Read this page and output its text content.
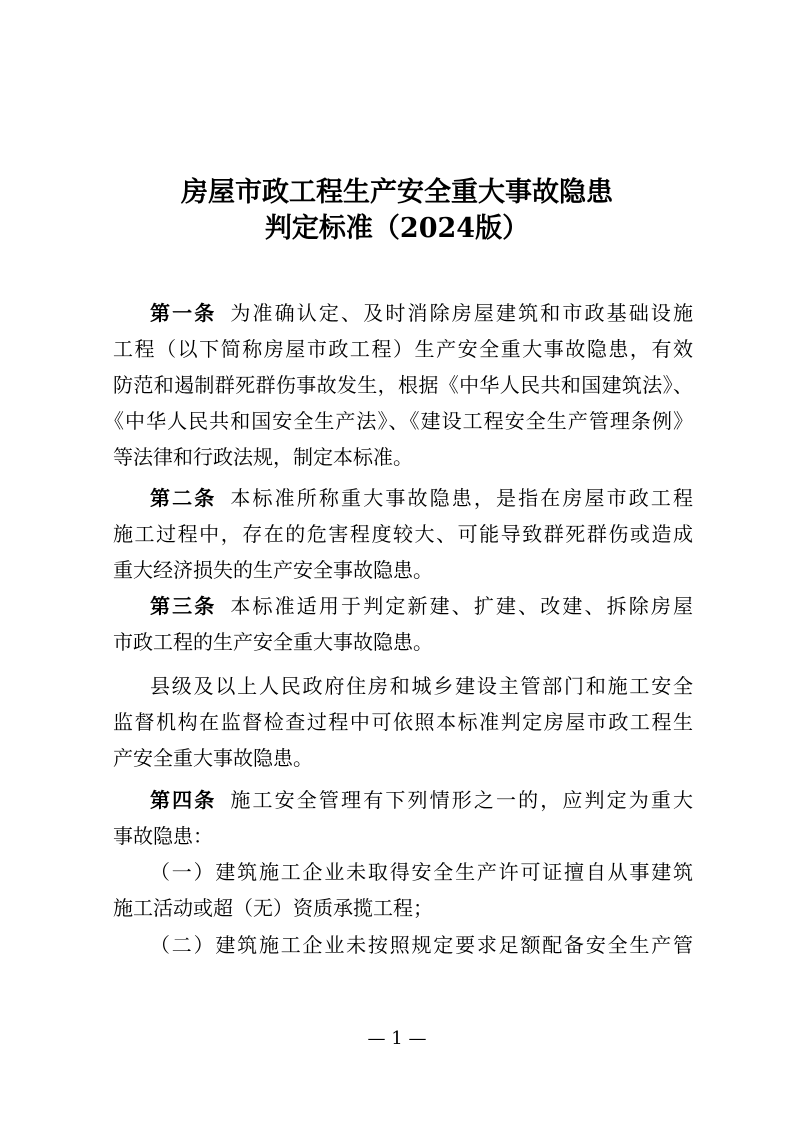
房屋市政工程生产安全重大事故隐患
判定标准（2024版）
第一条 为准确认定、及时消除房屋建筑和市政基础设施
工程（以下简称房屋市政工程）生产安全重大事故隐患，有效
防范和遏制群死群伤事故发生，根据《中华人民共和国建筑法》、
《中华人民共和国安全生产法》、《建设工程安全生产管理条例》
等法律和行政法规，制定本标准。
第二条 本标准所称重大事故隐患，是指在房屋市政工程
施工过程中，存在的危害程度较大、可能导致群死群伤或造成
重大经济损失的生产安全事故隐患。
第三条 本标准适用于判定新建、扩建、改建、拆除房屋
市政工程的生产安全重大事故隐患。
县级及以上人民政府住房和城乡建设主管部门和施工安全
监督机构在监督检查过程中可依照本标准判定房屋市政工程生
产安全重大事故隐患。
第四条 施工安全管理有下列情形之一的，应判定为重大
事故隐患：
（一）建筑施工企业未取得安全生产许可证擅自从事建筑
施工活动或超（无）资质承揽工程；
（二）建筑施工企业未按照规定要求足额配备安全生产管
— 1 —
